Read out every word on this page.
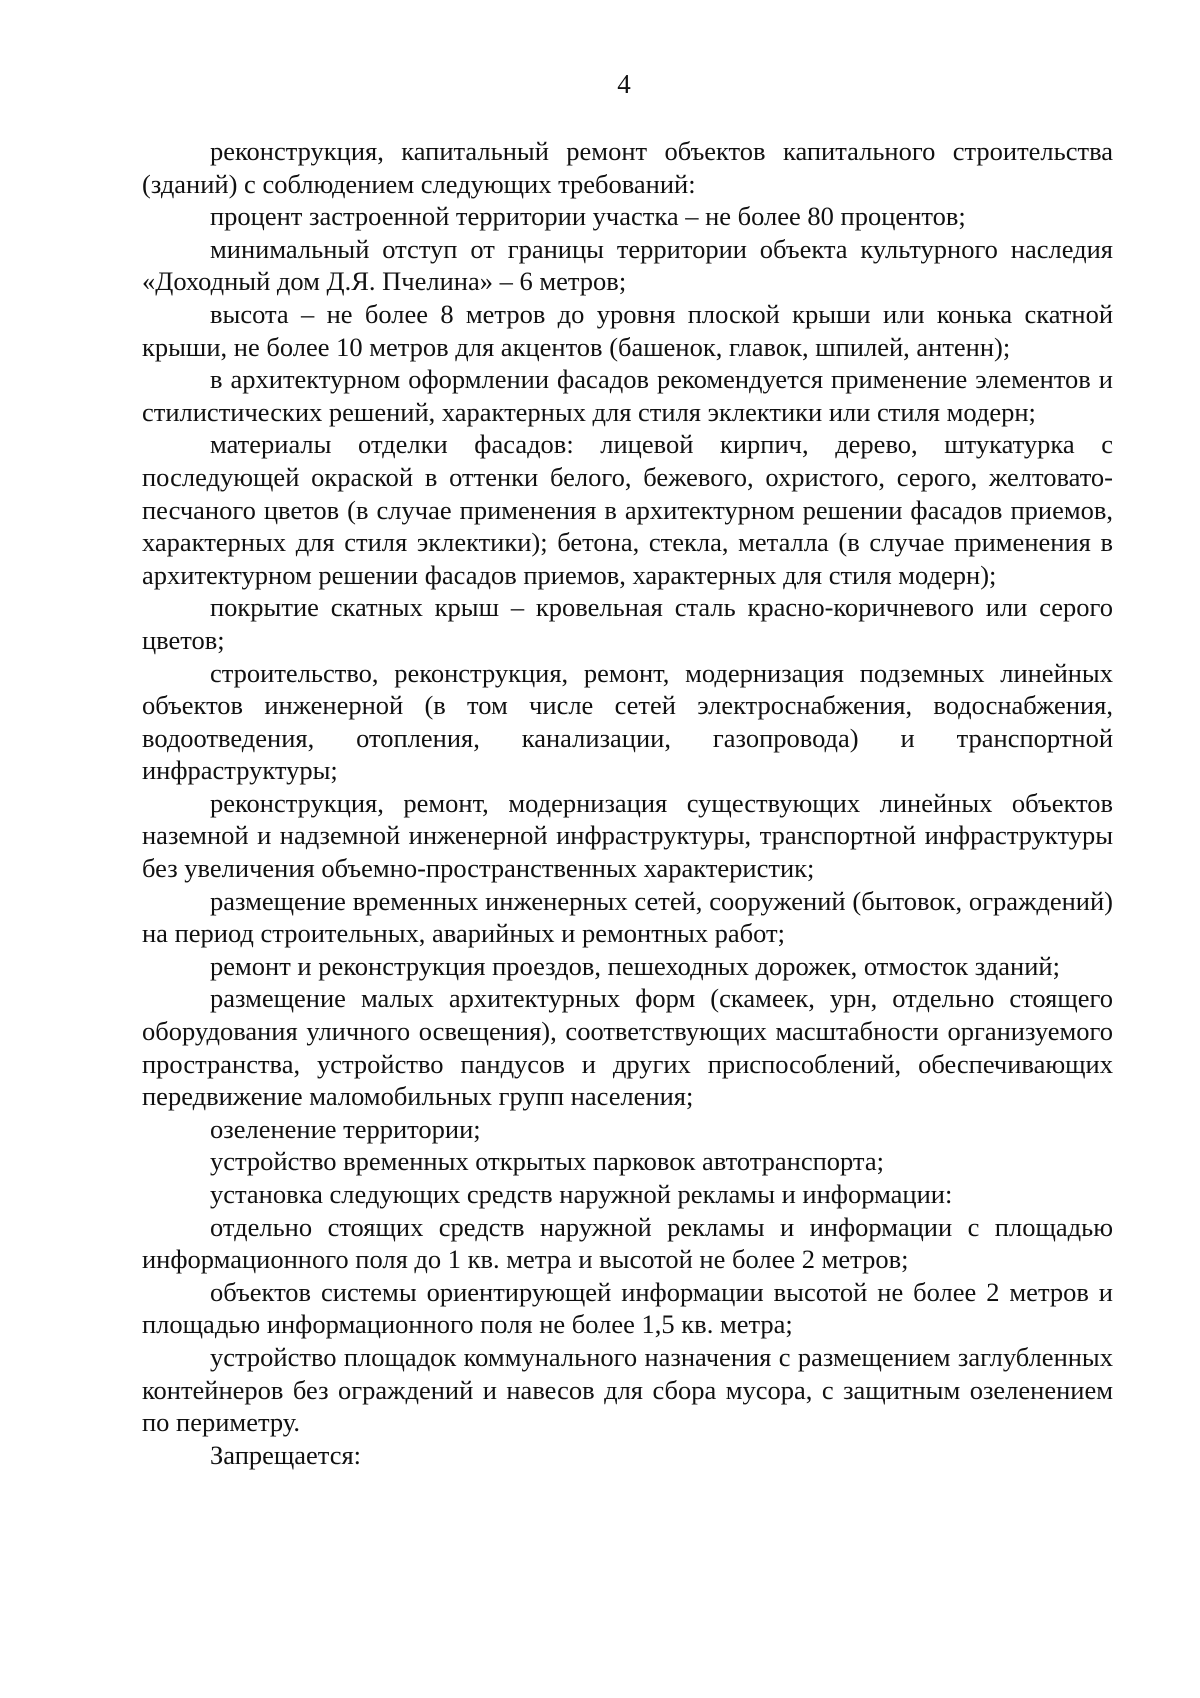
4

реконструкция, капитальный ремонт объектов капитального строительства (зданий) с соблюдением следующих требований:

процент застроенной территории участка – не более 80 процентов;

минимальный отступ от границы территории объекта культурного наследия «Доходный дом Д.Я. Пчелина» – 6 метров;

высота – не более 8 метров до уровня плоской крыши или конька скатной крыши, не более 10 метров для акцентов (башенок, главок, шпилей, антенн);

в архитектурном оформлении фасадов рекомендуется применение элементов и стилистических решений, характерных для стиля эклектики или стиля модерн;

материалы отделки фасадов: лицевой кирпич, дерево, штукатурка с последующей окраской в оттенки белого, бежевого, охристого, серого, желтовато-песчаного цветов (в случае применения в архитектурном решении фасадов приемов, характерных для стиля эклектики); бетона, стекла, металла (в случае применения в архитектурном решении фасадов приемов, характерных для стиля модерн);

покрытие скатных крыш – кровельная сталь красно-коричневого или серого цветов;

строительство, реконструкция, ремонт, модернизация подземных линейных объектов инженерной (в том числе сетей электроснабжения, водоснабжения, водоотведения, отопления, канализации, газопровода) и транспортной инфраструктуры;

реконструкция, ремонт, модернизация существующих линейных объектов наземной и надземной инженерной инфраструктуры, транспортной инфраструктуры без увеличения объемно-пространственных характеристик;

размещение временных инженерных сетей, сооружений (бытовок, ограждений) на период строительных, аварийных и ремонтных работ;

ремонт и реконструкция проездов, пешеходных дорожек, отмосток зданий;

размещение малых архитектурных форм (скамеек, урн, отдельно стоящего оборудования уличного освещения), соответствующих масштабности организуемого пространства, устройство пандусов и других приспособлений, обеспечивающих передвижение маломобильных групп населения;

озеленение территории;

устройство временных открытых парковок автотранспорта;

установка следующих средств наружной рекламы и информации:

отдельно стоящих средств наружной рекламы и информации с площадью информационного поля до 1 кв. метра и высотой не более 2 метров;

объектов системы ориентирующей информации высотой не более 2 метров и площадью информационного поля не более 1,5 кв. метра;

устройство площадок коммунального назначения с размещением заглубленных контейнеров без ограждений и навесов для сбора мусора, с защитным озеленением по периметру.

Запрещается:
